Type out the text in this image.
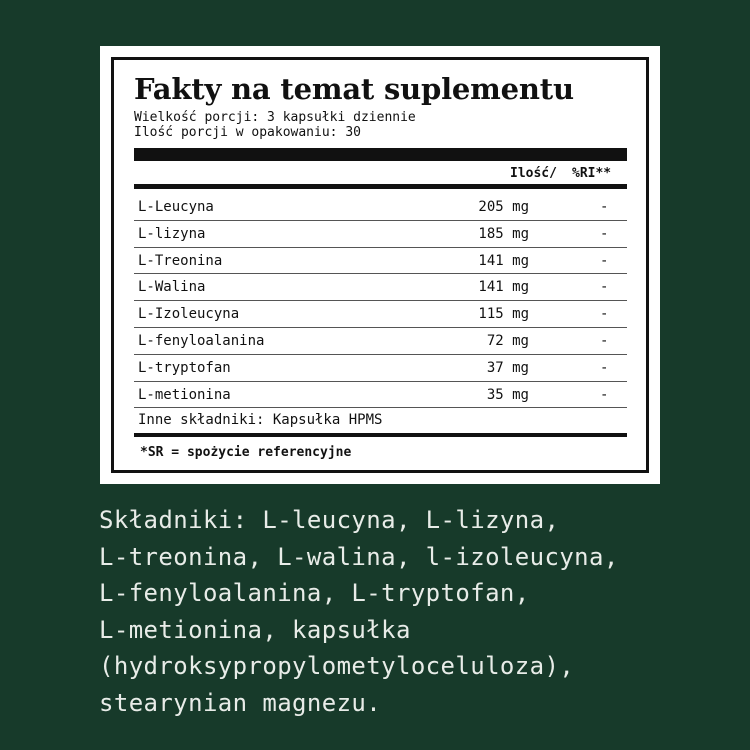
Fakty na temat suplementu
Wielkość porcji: 3 kapsułki dziennie
Ilość porcji w opakowaniu: 30
Ilość/ %RI**
L-Leucyna	205 mg	-
L-lizyna	185 mg	-
L-Treonina	141 mg	-
L-Walina	141 mg	-
L-Izoleucyna	115 mg	-
L-fenyloalanina	72 mg	-
L-tryptofan	37 mg	-
L-metionina	35 mg	-
Inne składniki: Kapsułka HPMS
*SR = spożycie referencyjne
Składniki: L-leucyna, L-lizyna,
L-treonina, L-walina, l-izoleucyna,
L-fenyloalanina, L-tryptofan,
L-metionina, kapsułka
(hydroksypropylometyloceluloza),
stearynian magnezu.
